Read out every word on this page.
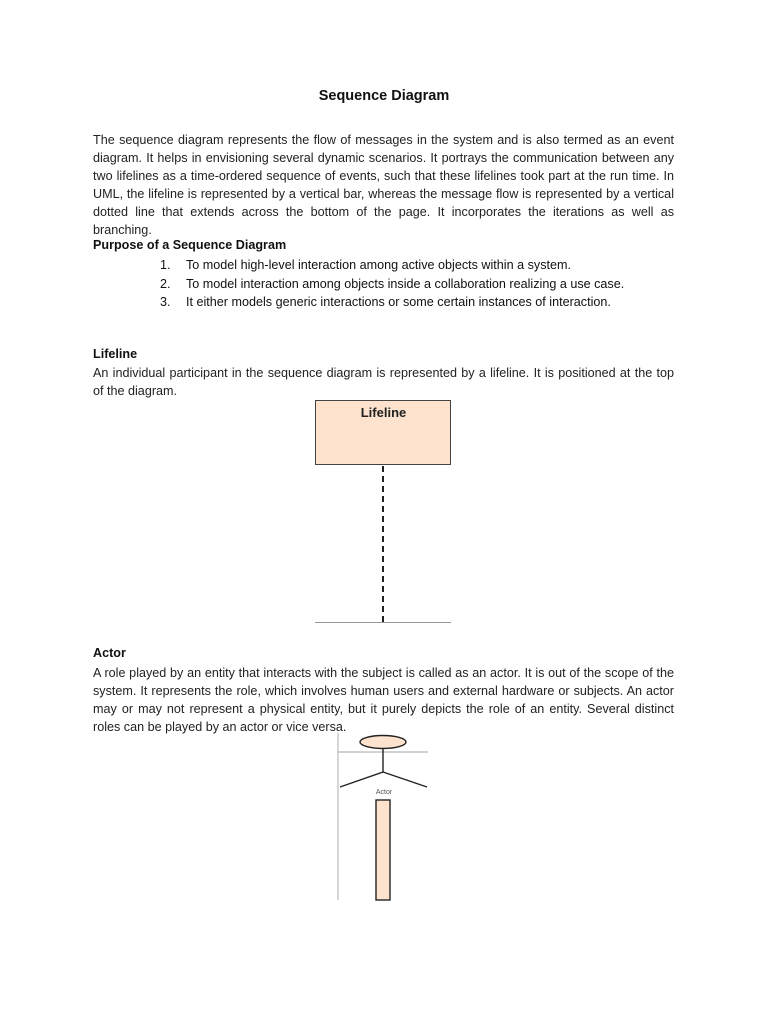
Sequence Diagram

The sequence diagram represents the flow of messages in the system and is also termed as an event diagram. It helps in envisioning several dynamic scenarios. It portrays the communication between any two lifelines as a time-ordered sequence of events, such that these lifelines took part at the run time. In UML, the lifeline is represented by a vertical bar, whereas the message flow is represented by a vertical dotted line that extends across the bottom of the page. It incorporates the iterations as well as branching.

Purpose of a Sequence Diagram
1. To model high-level interaction among active objects within a system.
2. To model interaction among objects inside a collaboration realizing a use case.
3. It either models generic interactions or some certain instances of interaction.
Lifeline

An individual participant in the sequence diagram is represented by a lifeline. It is positioned at the top of the diagram.

Lifeline
Actor

A role played by an entity that interacts with the subject is called as an actor. It is out of the scope of the system. It represents the role, which involves human users and external hardware or subjects. An actor may or may not represent a physical entity, but it purely depicts the role of an entity. Several distinct roles can be played by an actor or vice versa.

Actor
